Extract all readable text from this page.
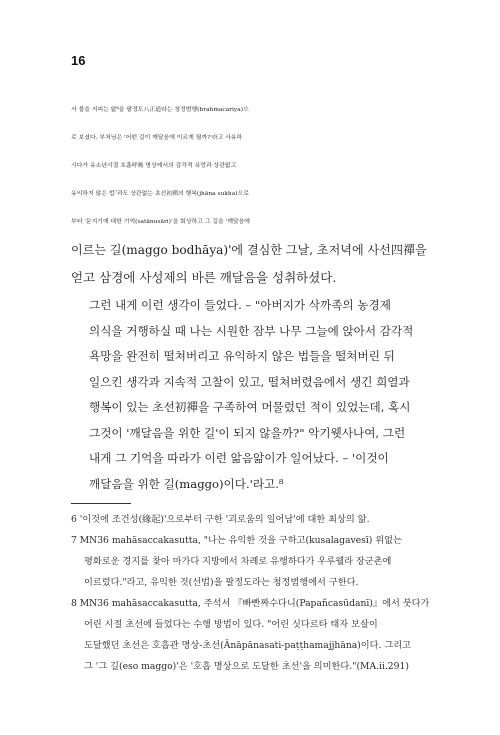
16
서 불을 지피는 앎⁶을 팔정도八正道라는 청정범행(brahmacariya)으
로 보셨다. 부처님은 '어떤 길이 깨달음에 이르게 될까?'라고 사유하
시다가 유소년시절 호흡呼吸 명상에서의 감각적 욕망과 상관없고
유익하지 않은 법⁷과도 상관없는 초선初禪의 행복(jhāna sukha)으로
부터 '문지기에 대한 기억(satānusāri)'을 회상하고 그 길을 '깨달음에
이르는 길(maggo bodhāya)'에 결심한 그날, 초저녁에 사선四禪을
얻고 삼경에 사성제의 바른 깨달음을 성취하셨다.
그런 내게 이런 생각이 들었다. – "아버지가 삭까족의 농경제
의식을 거행하실 때 나는 시원한 잠부 나무 그늘에 앉아서 감각적
욕망을 완전히 떨쳐버리고 유익하지 않은 법들을 떨쳐버린 뒤
일으킨 생각과 지속적 고찰이 있고, 떨쳐버렸음에서 생긴 희열과
행복이 있는 초선初禪을 구족하여 머물렀던 적이 있었는데, 혹시
그것이 '깨달음을 위한 길'이 되지 않을까?" 악기웻사나여, 그런
내게 그 기억을 따라가 이런 앎음앎이가 일어났다. – '이것이
깨달음을 위한 길(maggo)이다.'라고.⁸
6 '이것에 조건성(緣起)'으로부터 구한 '괴로움의 일어남'에 대한 최상의 앎.
7 MN36 mahāsaccakasutta, "나는 유익한 것을 구하고(kusalagavesī) 위없는
평화로운 경지를 찾아 마가다 지방에서 차례로 유행하다가 우루웰라 장군촌에
이르렀다."라고, 유익한 것(선법)을 팔정도라는 청정범행에서 구한다.
8 MN36 mahāsaccakasutta, 주석서 『빠빤짜수다니(Papañcasūdanī)』에서 붓다가
어린 시절 초선에 들었다는 수행 방법이 있다. "어린 싯다르타 태자 보살이
도달했던 초선은 호흡관 명상-초선(Ānāpānasati-paṭṭhamajjhāna)이다. 그리고
그 '그 길(eso maggo)'은 '호흡 명상으로 도달한 초선'을 의미한다."(MA.ii.291)
